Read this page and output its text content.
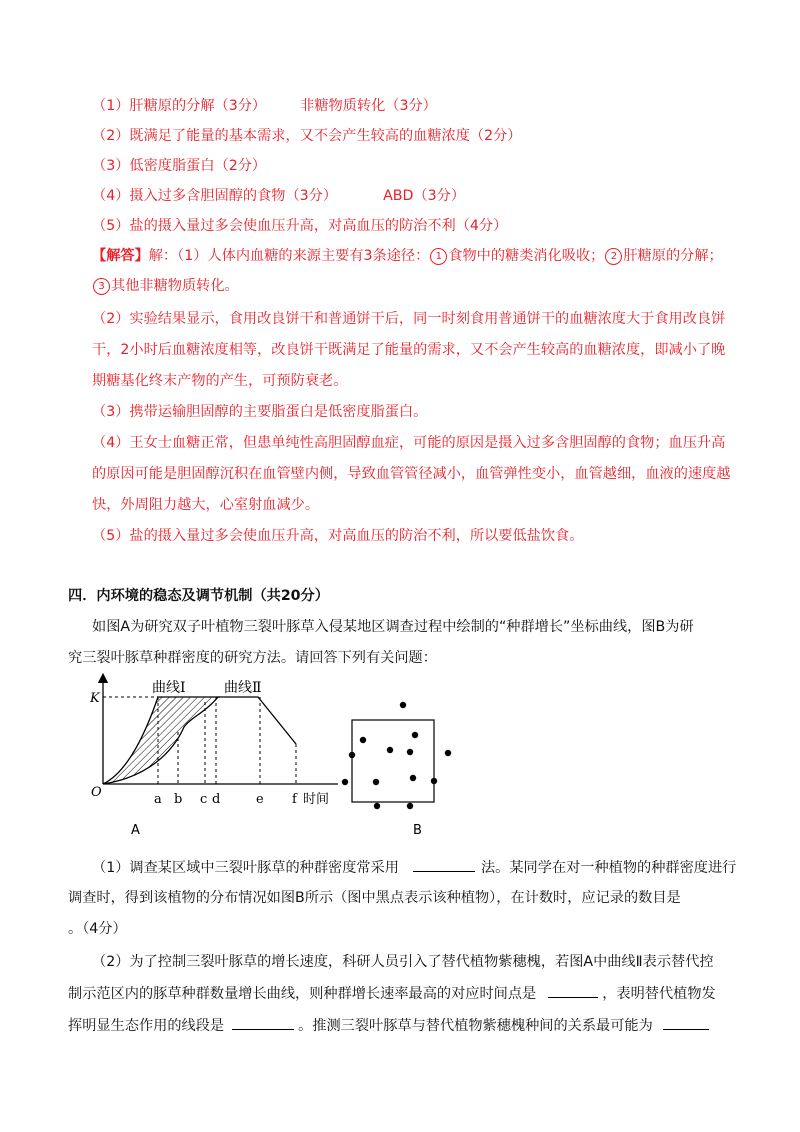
（1）肝糖原的分解（3分） 非糖物质转化（3分）
（2）既满足了能量的基本需求，又不会产生较高的血糖浓度（2分）
（3）低密度脂蛋白（2分）
（4）摄入过多含胆固醇的食物（3分）	ABD（3分）
（5）盐的摄入量过多会使血压升高，对高血压的防治不利（4分）
【解答】解：（1）人体内血糖的来源主要有3条途径： 1 食物中的糖类消化吸收； 2 肝糖原的分解；
3 其他非糖物质转化。
（2）实验结果显示，食用改良饼干和普通饼干后，同一时刻食用普通饼干的血糖浓度大于食用改良饼
干，2小时后血糖浓度相等，改良饼干既满足了能量的需求，又不会产生较高的血糖浓度，即减小了晚
期糖基化终末产物的产生，可预防衰老。
（3）携带运输胆固醇的主要脂蛋白是低密度脂蛋白。
（4）王女士血糖正常，但患单纯性高胆固醇血症，可能的原因是摄入过多含胆固醇的食物；血压升高
的原因可能是胆固醇沉积在血管壁内侧，导致血管管径减小，血管弹性变小，血管越细，血液的速度越
快，外周阻力越大，心室射血减少。
（5）盐的摄入量过多会使血压升高，对高血压的防治不利，所以要低盐饮食。
四．内环境的稳态及调节机制（共20分）
如图A为研究双子叶植物三裂叶豚草入侵某地区调查过程中绘制的“种群增长”坐标曲线，图B为研
究三裂叶豚草种群密度的研究方法。请回答下列有关问题：
曲线Ⅰ	曲线Ⅱ
K
O	a b c d	e f 时间
A	B
（1）调查某区域中三裂叶豚草的种群密度常采用	法。某同学在对一种植物的种群密度进行
调查时，得到该植物的分布情况如图B所示（图中黑点表示该种植物），在计数时，应记录的数目是
。（4分）
（2）为了控制三裂叶豚草的增长速度，科研人员引入了替代植物紫穗槐，若图A中曲线Ⅱ表示替代控
制示范区内的豚草种群数量增长曲线，则种群增长速率最高的对应时间点是	，表明替代植物发
挥明显生态作用的线段是	。推测三裂叶豚草与替代植物紫穗槐种间的关系最可能为
